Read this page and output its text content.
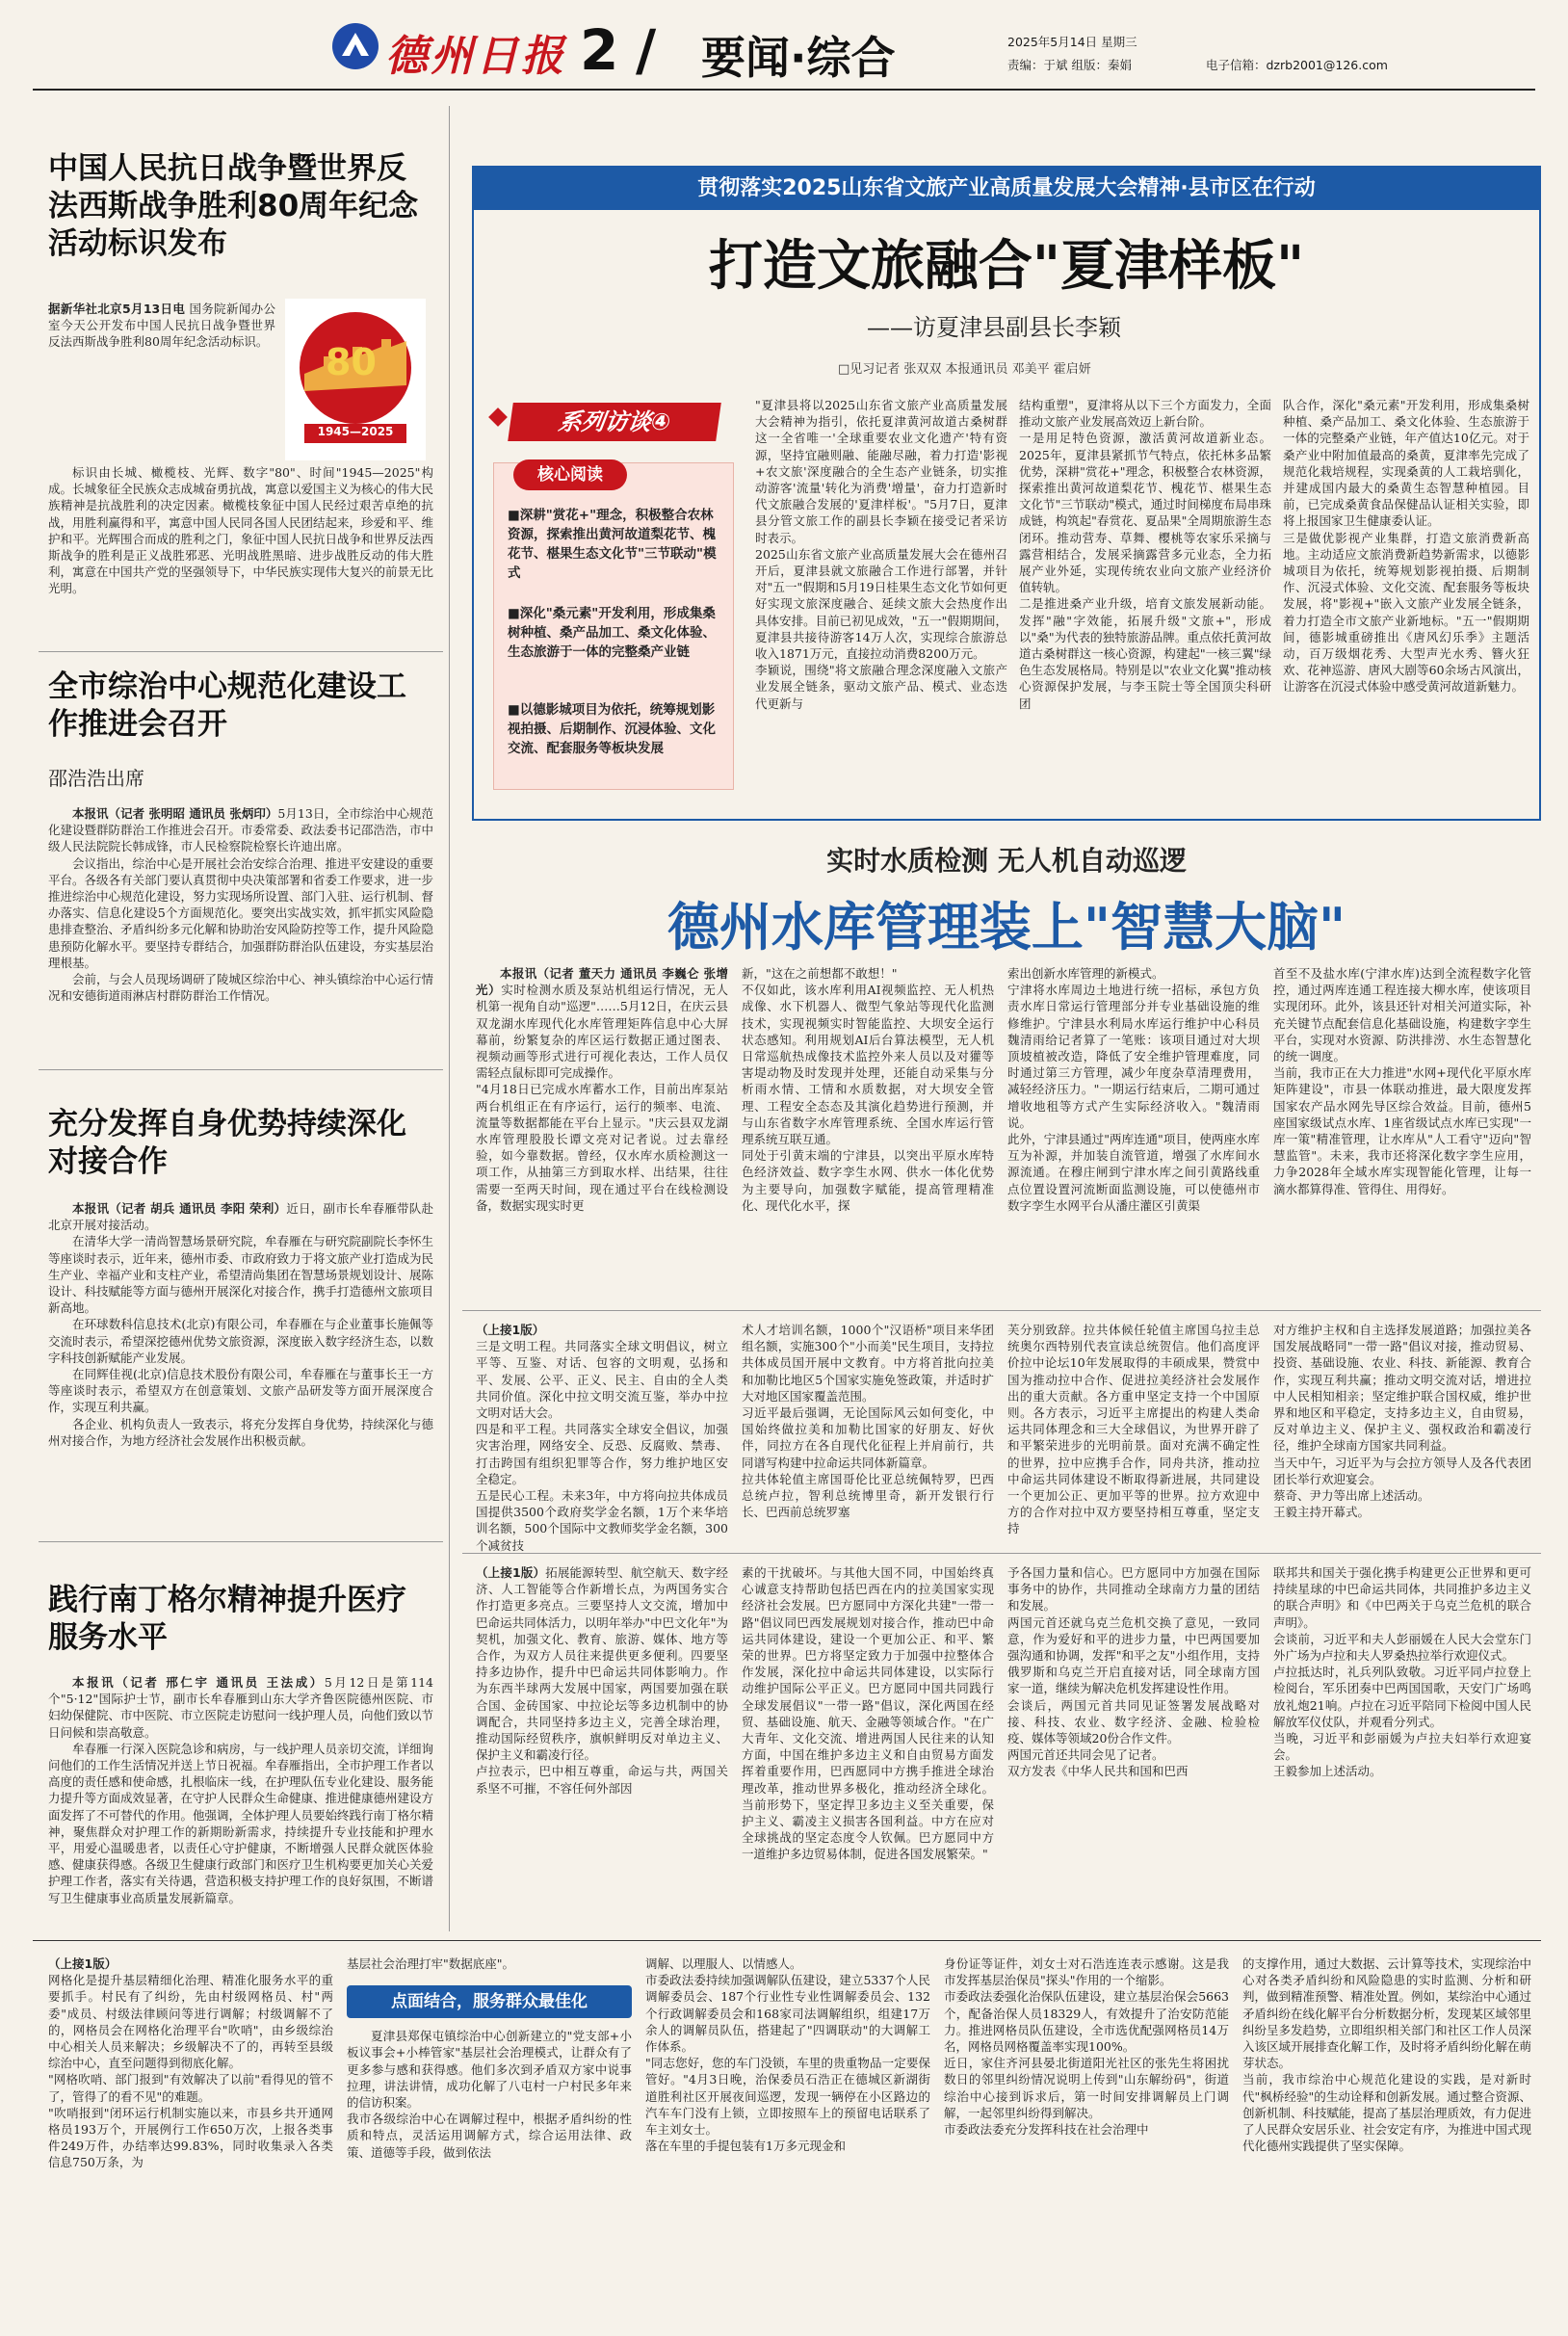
德州日报 2 / 要闻·综合	2025年5月14日 星期三
责编：于斌 组版：秦娟	电子信箱：dzrb2001@126.com
中国人民抗日战争暨世界反法西斯战争胜利80周年纪念活动标识发布
80
1945—2025
据新华社北京5月13日电 国务院新闻办公室今天公开发布中国人民抗日战争暨世界反法西斯战争胜利80周年纪念活动标识。
标识由长城、橄榄枝、光辉、数字"80"、时间"1945—2025"构成。长城象征全民族众志成城奋勇抗战，寓意以爱国主义为核心的伟大民族精神是抗战胜利的决定因素。橄榄枝象征中国人民经过艰苦卓绝的抗战，用胜利赢得和平，寓意中国人民同各国人民团结起来，珍爱和平、维护和平。光辉围合而成的胜利之门，象征中国人民抗日战争和世界反法西斯战争的胜利是正义战胜邪恶、光明战胜黑暗、进步战胜反动的伟大胜利，寓意在中国共产党的坚强领导下，中华民族实现伟大复兴的前景无比光明。
全市综治中心规范化建设工作推进会召开
邵浩浩出席
本报讯（记者 张明昭 通讯员 张炳印）5月13日，全市综治中心规范化建设暨群防群治工作推进会召开。市委常委、政法委书记邵浩浩，市中级人民法院院长韩成锋，市人民检察院检察长许迪出席。
会议指出，综治中心是开展社会治安综合治理、推进平安建设的重要平台。各级各有关部门要认真贯彻中央决策部署和省委工作要求，进一步推进综治中心规范化建设，努力实现场所设置、部门入驻、运行机制、督办落实、信息化建设5个方面规范化。要突出实战实效，抓牢抓实风险隐患排查整治、矛盾纠纷多元化解和协助治安风险防控等工作，提升风险隐患预防化解水平。要坚持专群结合，加强群防群治队伍建设，夯实基层治理根基。
会前，与会人员现场调研了陵城区综治中心、神头镇综治中心运行情况和安德街道雨淋店村群防群治工作情况。
充分发挥自身优势持续深化对接合作
本报讯（记者 胡兵 通讯员 李阳 荣利）近日，副市长牟春雁带队赴北京开展对接活动。
在清华大学一清尚智慧场景研究院，牟春雁在与研究院副院长李怀生等座谈时表示，近年来，德州市委、市政府致力于将文旅产业打造成为民生产业、幸福产业和支柱产业，希望清尚集团在智慧场景规划设计、展陈设计、科技赋能等方面与德州开展深化对接合作，携手打造德州文旅项目新高地。
在环球数科信息技术(北京)有限公司，牟春雁在与企业董事长施佩等交流时表示，希望深挖德州优势文旅资源，深度嵌入数字经济生态，以数字科技创新赋能产业发展。
在同辉佳视(北京)信息技术股份有限公司，牟春雁在与董事长王一方等座谈时表示，希望双方在创意策划、文旅产品研发等方面开展深度合作，实现互利共赢。
各企业、机构负责人一致表示，将充分发挥自身优势，持续深化与德州对接合作，为地方经济社会发展作出积极贡献。
践行南丁格尔精神提升医疗服务水平
本报讯（记者 邢仁宇 通讯员 王法成）5月12日是第114个"5·12"国际护士节，副市长牟春雁到山东大学齐鲁医院德州医院、市妇幼保健院、市中医院、市立医院走访慰问一线护理人员，向他们致以节日问候和崇高敬意。
牟春雁一行深入医院急诊和病房，与一线护理人员亲切交流，详细询问他们的工作生活情况并送上节日祝福。牟春雁指出，全市护理工作者以高度的责任感和使命感，扎根临床一线，在护理队伍专业化建设、服务能力提升等方面成效显著，在守护人民群众生命健康、推进健康德州建设方面发挥了不可替代的作用。他强调，全体护理人员要始终践行南丁格尔精神，聚焦群众对护理工作的新期盼新需求，持续提升专业技能和护理水平，用爱心温暖患者，以责任心守护健康，不断增强人民群众就医体验感、健康获得感。各级卫生健康行政部门和医疗卫生机构要更加关心关爱护理工作者，落实有关待遇，营造积极支持护理工作的良好氛围，不断谱写卫生健康事业高质量发展新篇章。
贯彻落实2025山东省文旅产业高质量发展大会精神·县市区在行动
打造文旅融合"夏津样板"
——访夏津县副县长李颖
□见习记者 张双双 本报通讯员 邓美平 霍启妍
系列访谈④
核心阅读
■深耕"赏花+"理念，积极整合农林资源，探索推出黄河故道梨花节、槐花节、椹果生态文化节"三节联动"模式
■深化"桑元素"开发利用，形成集桑树种植、桑产品加工、桑文化体验、生态旅游于一体的完整桑产业链
■以德影城项目为依托，统筹规划影视拍摄、后期制作、沉浸体验、文化交流、配套服务等板块发展
"夏津县将以2025山东省文旅产业高质量发展大会精神为指引，依托夏津黄河故道古桑树群这一全省唯一'全球重要农业文化遗产'特有资源，坚持宜融则融、能融尽融，着力打造'影视+农文旅'深度融合的全生态产业链条，切实推动游客'流量'转化为消费'增量'，奋力打造新时代文旅融合发展的'夏津样板'。"5月7日，夏津县分管文旅工作的副县长李颖在接受记者采访时表示。
2025山东省文旅产业高质量发展大会在德州召开后，夏津县就文旅融合工作进行部署，并针对"五一"假期和5月19日桂果生态文化节如何更好实现文旅深度融合、延续文旅大会热度作出具体安排。目前已初见成效，"五一"假期期间，夏津县共接待游客14万人次，实现综合旅游总收入1871万元，直接拉动消费8200万元。
李颖说，围绕"将文旅融合理念深度融入文旅产业发展全链条，驱动文旅产品、模式、业态迭代更新与
结构重塑"，夏津将从以下三个方面发力，全面推动文旅产业发展高效迈上新台阶。
一是用足特色资源，激活黄河故道新业态。2025年，夏津县紧抓节气特点，依托林多品繁优势，深耕"赏花+"理念，积极整合农林资源，探索推出黄河故道梨花节、槐花节、椹果生态文化节"三节联动"模式，通过时间梯度布局串珠成链，构筑起"春赏花、夏品果"全周期旅游生态闭环。推动营寿、草舞、樱桃等农家乐采摘与露营相结合，发展采摘露营多元业态，全力拓展产业外延，实现传统农业向文旅产业经济价值转轨。
二是推进桑产业升级，培育文旅发展新动能。发挥"融"字效能，拓展升级"文旅+"，形成以"桑"为代表的独特旅游品牌。重点依托黄河故道古桑树群这一核心资源，构建起"一核三翼"绿色生态发展格局。特别是以"农业文化翼"推动核心资源保护发展，与李玉院士等全国顶尖科研团
队合作，深化"桑元素"开发利用，形成集桑树种植、桑产品加工、桑文化体验、生态旅游于一体的完整桑产业链，年产值达10亿元。对于桑产业中附加值最高的桑黄，夏津率先完成了规范化栽培规程，实现桑黄的人工栽培驯化，并建成国内最大的桑黄生态智慧种植园。目前，已完成桑黄食品保健品认证相关实验，即将上报国家卫生健康委认证。
三是做优影视产业集群，打造文旅消费新高地。主动适应文旅消费新趋势新需求，以德影城项目为依托，统筹规划影视拍摄、后期制作、沉浸式体验、文化交流、配套服务等板块发展，将"影视+"嵌入文旅产业发展全链条，着力打造全市文旅产业新地标。"五一"假期期间，德影城重磅推出《唐风幻乐季》主题活动，百万级烟花秀、大型声光水秀、簪火狂欢、花神巡游、唐风大剧等60余场古风演出，让游客在沉浸式体验中感受黄河故道新魅力。
实时水质检测 无人机自动巡逻
德州水库管理装上"智慧大脑"
本报讯（记者 董天力 通讯员 李巍仑 张增光）实时检测水质及泵站机组运行情况，无人机第一视角自动"巡逻"……5月12日，在庆云县双龙湖水库现代化水库管理矩阵信息中心大屏幕前，纷繁复杂的库区运行数据正通过图表、视频动画等形式进行可视化表达，工作人员仅需轻点鼠标即可完成操作。
"4月18日已完成水库蓄水工作，目前出库泵站两台机组正在有序运行，运行的频率、电流、流量等数据都能在平台上显示。"庆云县双龙湖水库管理股股长谭文亮对记者说。过去靠经验，如今靠数据。曾经，仅水库水质检测这一项工作，从抽第三方到取水样、出结果，往往需要一至两天时间，现在通过平台在线检测设备，数据实现实时更
新，"这在之前想都不敢想！"
不仅如此，该水库利用AI视频监控、无人机热成像、水下机器人、微型气象站等现代化监测技术，实现视频实时智能监控、大坝安全运行状态感知。利用规划AI后台算法模型，无人机日常巡航热成像技术监控外来人员以及对獾等害堤动物及时发现并处理，还能自动采集与分析雨水情、工情和水质数据，对大坝安全管理、工程安全态态及其演化趋势进行预测，并与山东省数字水库管理系统、全国水库运行管理系统互联互通。
同处于引黄末端的宁津县，以突出平原水库特色经济效益、数字孪生水网、供水一体化优势为主要导向，加强数字赋能，提高管理精准化、现代化水平，探
索出创新水库管理的新模式。
宁津将水库周边土地进行统一招标，承包方负责水库日常运行管理部分并专业基础设施的维修维护。宁津县水利局水库运行维护中心科员魏清雨给记者算了一笔账：该项目通过对大坝顶坡植被改造，降低了安全维护管理难度，同时通过第三方管理，减少年度杂草清理费用，减轻经济压力。"一期运行结束后，二期可通过增收地租等方式产生实际经济收入。"魏清雨说。
此外，宁津县通过"两库连通"项目，使两座水库互为补源，并加装自流管道，增强了水库间水源流通。在穆庄闸到宁津水库之间引黄路线重点位置设置河流断面监测设施，可以使德州市数字孪生水网平台从潘庄灌区引黄渠
首至不及盐水库(宁津水库)达到全流程数字化管控，通过两库连通工程连接大柳水库，使该项目实现闭环。此外，该县还针对相关河道实际，补充关键节点配套信息化基础设施，构建数字孪生平台，实现对水资源、防洪排涝、水生态智慧化的统一调度。
当前，我市正在大力推进"水网+现代化平原水库矩阵建设"，市县一体联动推进，最大限度发挥国家农产品水网先导区综合效益。目前，德州5座国家级试点水库、1座省级试点水库已实现"一库一策"精准管理，让水库从"人工看守"迈向"智慧监管"。未来，我市还将深化数字孪生应用，力争2028年全域水库实现智能化管理，让每一滴水都算得准、管得住、用得好。
（上接1版）
三是文明工程。共同落实全球文明倡议，树立平等、互鉴、对话、包容的文明观，弘扬和平、发展、公平、正义、民主、自由的全人类共同价值。深化中拉文明交流互鉴，举办中拉文明对话大会。
四是和平工程。共同落实全球安全倡议，加强灾害治理，网络安全、反恐、反腐败、禁毒、打击跨国有组织犯罪等合作，努力维护地区安全稳定。
五是民心工程。未来3年，中方将向拉共体成员国提供3500个政府奖学金名额，1万个来华培训名额，500个国际中文教师奖学金名额，300个减贫技
术人才培训名额，1000个"汉语桥"项目来华团组名额，实施300个"小而美"民生项目，支持拉共体成员国开展中文教育。中方将首批向拉美和加勒比地区5个国家实施免签政策，并适时扩大对地区国家覆盖范围。
习近平最后强调，无论国际风云如何变化，中国始终做拉美和加勒比国家的好朋友、好伙伴，同拉方在各自现代化征程上并肩前行，共同谱写构建中拉命运共同体新篇章。
拉共体轮值主席国哥伦比亚总统佩特罗，巴西总统卢拉，智利总统博里奇，新开发银行行长、巴西前总统罗塞
芙分别致辞。拉共体候任轮值主席国乌拉圭总统奥尔西特别代表宣读总统贺信。他们高度评价拉中论坛10年发展取得的丰硕成果，赞赏中国为推动拉中合作、促进拉美经济社会发展作出的重大贡献。各方重申坚定支持一个中国原则。各方表示，习近平主席提出的构建人类命运共同体理念和三大全球倡议，为世界开辟了和平繁荣进步的光明前景。面对充满不确定性的世界，拉中应携手合作，同舟共济，推动拉中命运共同体建设不断取得新进展，共同建设一个更加公正、更加平等的世界。拉方欢迎中方的合作对拉中双方要坚持相互尊重，坚定支持
对方维护主权和自主选择发展道路；加强拉美各国发展战略同"一带一路"倡议对接，推动贸易、投资、基础设施、农业、科技、新能源、教育合作，实现互利共赢；推动文明交流对话，增进拉中人民相知相亲；坚定维护联合国权威，维护世界和地区和平稳定，支持多边主义，自由贸易，反对单边主义、保护主义、强权政治和霸凌行径，维护全球南方国家共同利益。
当天中午，习近平为与会拉方领导人及各代表团团长举行欢迎宴会。
蔡奇、尹力等出席上述活动。
王毅主持开幕式。
（上接1版）拓展能源转型、航空航天、数字经济、人工智能等合作新增长点，为两国务实合作打造更多亮点。三要坚持人文交流，增加中巴命运共同体活力，以明年举办"中巴文化年"为契机，加强文化、教育、旅游、媒体、地方等合作，为双方人员往来提供更多便利。四要坚持多边协作，提升中巴命运共同体影响力。作为东西半球两大发展中国家，两国要加强在联合国、金砖国家、中拉论坛等多边机制中的协调配合，共同坚持多边主义，完善全球治理，推动国际经贸秩序，旗帜鲜明反对单边主义、保护主义和霸凌行径。
卢拉表示，巴中相互尊重，命运与共，两国关系坚不可摧，不容任何外部因
素的干扰破坏。与其他大国不同，中国始终真心诚意支持帮助包括巴西在内的拉美国家实现经济社会发展。巴方愿同中方深化共建"一带一路"倡议同巴西发展规划对接合作，推动巴中命运共同体建设，建设一个更加公正、和平、繁荣的世界。巴方将坚定致力于加强中拉整体合作发展，深化拉中命运共同体建设，以实际行动维护国际公平正义。巴方愿同中国共同践行全球发展倡议"一带一路"倡议，深化两国在经贸、基础设施、航天、金融等领域合作。"在广大青年、文化交流、增进两国人民往来的认知方面，中国在维护多边主义和自由贸易方面发挥着重要作用，巴西愿同中方携手推进全球治理改革，推动世界多极化，推动经济全球化。当前形势下，坚定捍卫多边主义至关重要，保护主义、霸凌主义损害各国利益。中方在应对全球挑战的坚定态度令人钦佩。巴方愿同中方一道维护多边贸易体制，促进各国发展繁荣。"
予各国力量和信心。巴方愿同中方加强在国际事务中的协作，共同推动全球南方力量的团结和发展。
两国元首还就乌克兰危机交换了意见，一致同意，作为爱好和平的进步力量，中巴两国要加强沟通和协调，发挥"和平之友"小组作用，支持俄罗斯和乌克兰开启直接对话，同全球南方国家一道，继续为解决危机发挥建设性作用。
会谈后，两国元首共同见证签署发展战略对接、科技、农业、数字经济、金融、检验检疫、媒体等领域20份合作文件。
两国元首还共同会见了记者。
双方发表《中华人民共和国和巴西
联邦共和国关于强化携手构建更公正世界和更可持续星球的中巴命运共同体，共同推护多边主义的联合声明》和《中巴两关于乌克兰危机的联合声明》。
会谈前，习近平和夫人彭丽媛在人民大会堂东门外广场为卢拉和夫人罗桑热拉举行欢迎仪式。
卢拉抵达时，礼兵列队致敬。习近平同卢拉登上检阅台，军乐团奏中巴两国国歌，天安门广场鸣放礼炮21响。卢拉在习近平陪同下检阅中国人民解放军仪仗队，并观看分列式。
当晚，习近平和彭丽媛为卢拉夫妇举行欢迎宴会。
王毅参加上述活动。
（上接1版）
网格化是提升基层精细化治理、精准化服务水平的重要抓手。村民有了纠纷，先由村级网格员、村"两委"成员、村级法律顾问等进行调解；村级调解不了的，网格员会在网格化治理平台"吹哨"，由乡级综治中心相关人员来解决；乡级解决不了的，再转至县级综治中心，直至问题得到彻底化解。
"网格吹哨、部门报到"有效解决了以前"看得见的管不了，管得了的看不见"的难题。
"吹哨报到"闭环运行机制实施以来，市县乡共开通网格员193万个，开展例行工作650万次，上报各类事件249万件，办结率达99.83%，同时收集录入各类信息750万条，为
基层社会治理打牢"数据底座"。
点面结合，服务群众最佳化
夏津县郑保屯镇综治中心创新建立的"党支部+小板议事会+小棒管家"基层社会治理模式，让群众有了更多参与感和获得感。他们多次到矛盾双方家中说事拉理，讲法讲情，成功化解了八屯村一户村民多年来的信访积案。
我市各级综治中心在调解过程中，根据矛盾纠纷的性质和特点，灵活运用调解方式，综合运用法律、政策、道德等手段，做到依法
调解、以理服人、以情感人。
市委政法委持续加强调解队伍建设，建立5337个人民调解委员会、187个行业性专业性调解委员会、132个行政调解委员会和168家司法调解组织，组建17万余人的调解员队伍，搭建起了"四调联动"的大调解工作体系。
"同志您好，您的车门没锁，车里的贵重物品一定要保管好。"4月3日晚，治保委员石浩正在德城区新湖街道胜利社区开展夜间巡逻，发现一辆停在小区路边的汽车车门没有上锁，立即按照车上的预留电话联系了车主刘女士。
落在车里的手提包装有1万多元现金和
身份证等证件，刘女士对石浩连连表示感谢。这是我市发挥基层治保员"探头"作用的一个缩影。
市委政法委强化治保队伍建设，建立基层治保会5663个，配备治保人员18329人，有效提升了治安防范能力。推进网格员队伍建设，全市选优配强网格员14万名，网格员网格覆盖率实现100%。
近日，家住齐河县晏北街道阳光社区的张先生将困扰数日的邻里纠纷情况说明上传到"山东解纷码"，街道综治中心接到诉求后，第一时间安排调解员上门调解，一起邻里纠纷得到解决。
市委政法委充分发挥科技在社会治理中
的支撑作用，通过大数据、云计算等技术，实现综治中心对各类矛盾纠纷和风险隐患的实时监测、分析和研判，做到精准预警、精准处置。例如，某综治中心通过矛盾纠纷在线化解平台分析数据分析，发现某区域邻里纠纷呈多发趋势，立即组织相关部门和社区工作人员深入该区域开展排查化解工作，及时将矛盾纠纷化解在萌芽状态。
当前，我市综治中心规范化建设的实践，是对新时代"枫桥经验"的生动诠释和创新发展。通过整合资源、创新机制、科技赋能，提高了基层治理质效，有力促进了人民群众安居乐业、社会安定有序，为推进中国式现代化德州实践提供了坚实保障。
